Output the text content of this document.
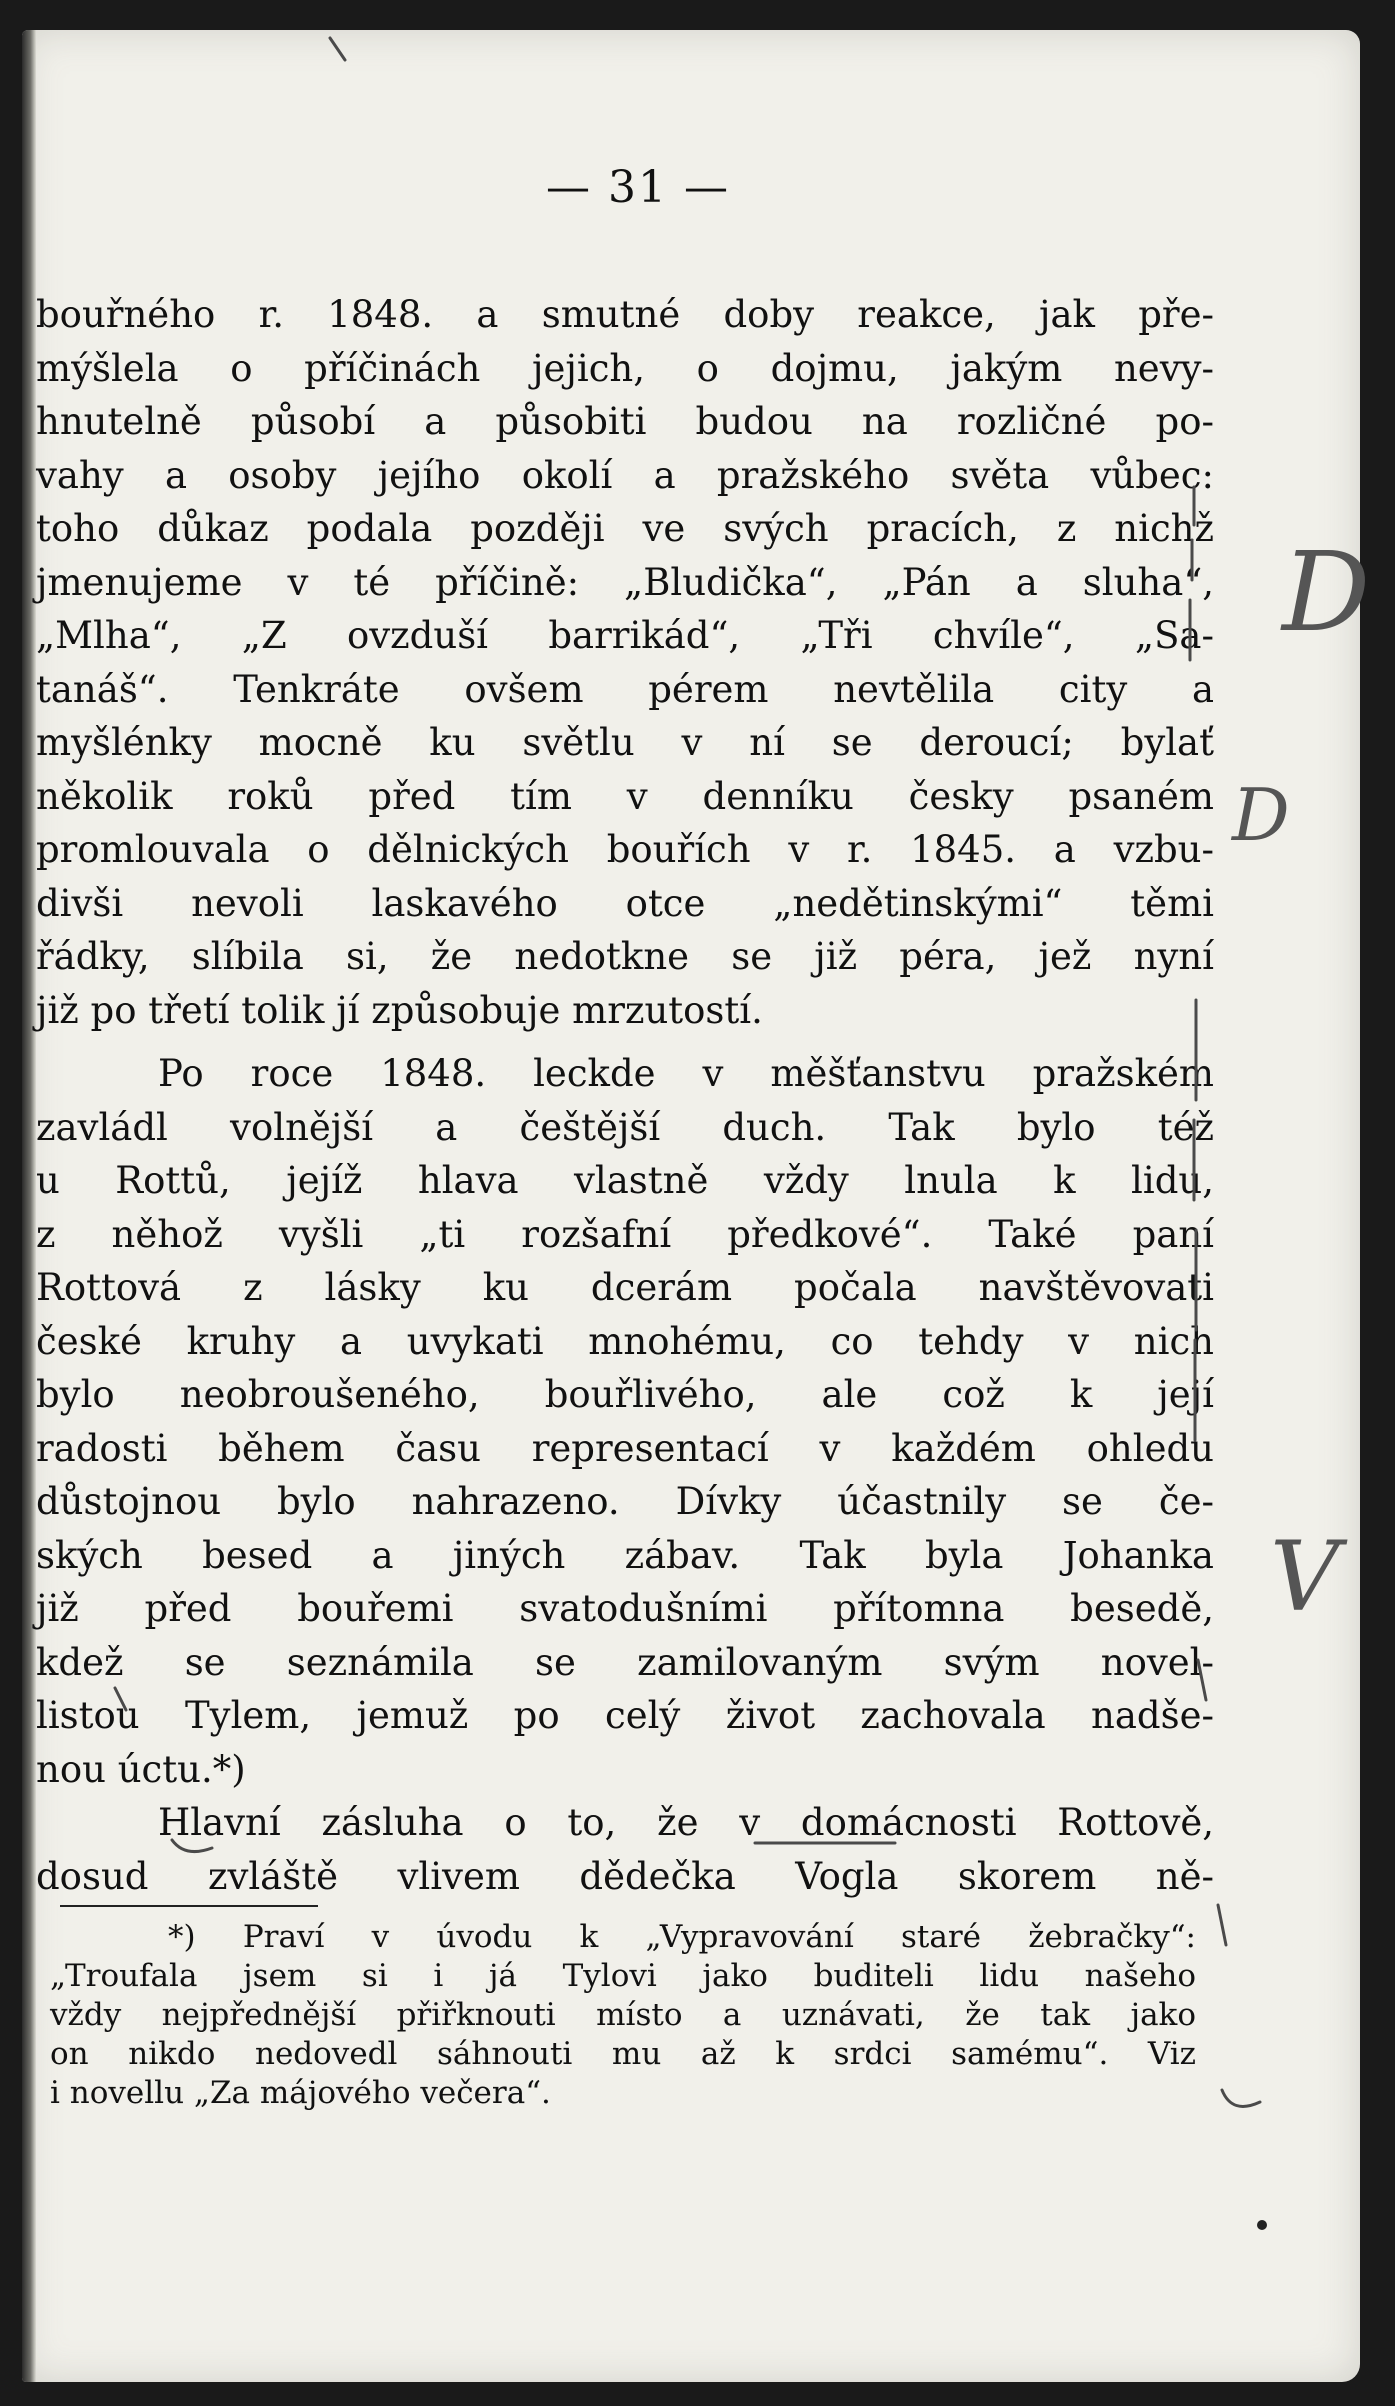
— 31 —
bouřného r. 1848. a smutné doby reakce, jak pře-
mýšlela o příčinách jejich, o dojmu, jakým nevy-
hnutelně působí a působiti budou na rozličné po-
vahy a osoby jejího okolí a pražského světa vůbec:
toho důkaz podala později ve svých pracích, z nichž
jmenujeme v té příčině: „Bludička“, „Pán a sluha“,
„Mlha“, „Z ovzduší barrikád“, „Tři chvíle“, „Sa-
tanáš“. Tenkráte ovšem pérem nevtělila city a
myšlénky mocně ku světlu v ní se deroucí; bylať
několik roků před tím v denníku česky psaném
promlouvala o dělnických bouřích v r. 1845. a vzbu-
divši nevoli laskavého otce „nedětinskými“ těmi
řádky, slíbila si, že nedotkne se již péra, jež nyní
již po třetí tolik jí způsobuje mrzutostí.
Po roce 1848. leckde v měšťanstvu pražském
zavládl volnější a češtější duch. Tak bylo též
u Rottů, jejíž hlava vlastně vždy lnula k lidu,
z něhož vyšli „ti rozšafní předkové“. Také paní
Rottová z lásky ku dcerám počala navštěvovati
české kruhy a uvykati mnohému, co tehdy v nich
bylo neobroušeného, bouřlivého, ale což k její
radosti během času representací v každém ohledu
důstojnou bylo nahrazeno. Dívky účastnily se če-
ských besed a jiných zábav. Tak byla Johanka
již před bouřemi svatodušními přítomna besedě,
kdež se seznámila se zamilovaným svým novel-
listou Tylem, jemuž po celý život zachovala nadše-
nou úctu.*)
Hlavní zásluha o to, že v domácnosti Rottově,
dosud zvláště vlivem dědečka Vogla skorem ně-
*) Praví v úvodu k „Vypravování staré žebračky“:
„Troufala jsem si i já Tylovi jako buditeli lidu našeho
vždy nejpřednější přiřknouti místo a uznávati, že tak jako
on nikdo nedovedl sáhnouti mu až k srdci samému“. Viz
i novellu „Za májového večera“.
D
D
V
